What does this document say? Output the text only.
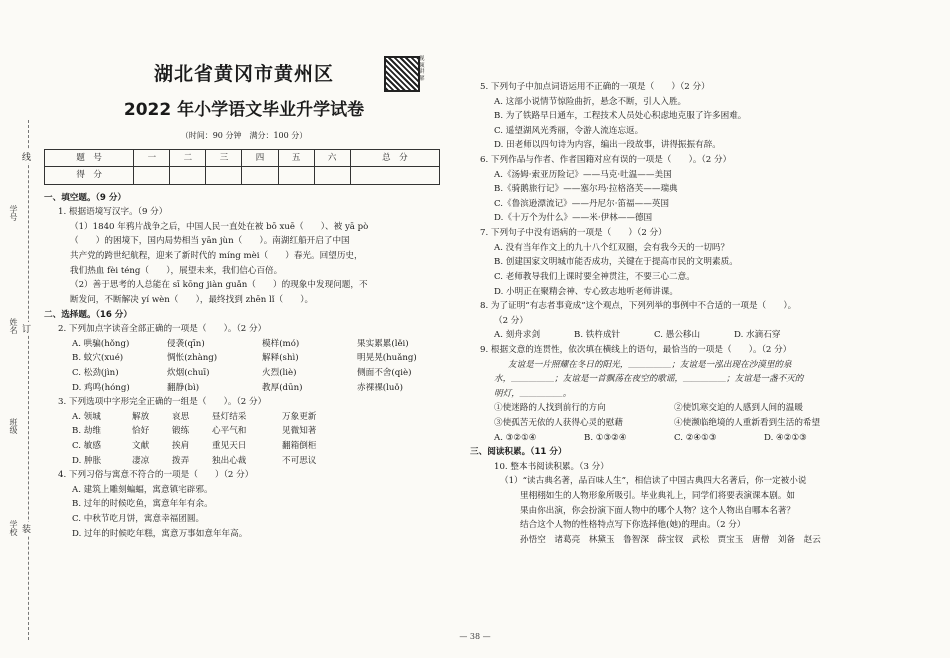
学号
姓名
班级
学校
线
订
装
视频讲解
湖北省黄冈市黄州区
2022 年小学语文毕业升学试卷
（时间：90 分钟　满分：100 分）
题　号	一	二	三	四	五	六	总　分
得　分							
一、填空题。（9 分）
1. 根据语境写汉字。（9 分）
（1）1840 年鸦片战争之后，中国人民一直处在被 bō xuē（　　）、被 yā pò
（　　）的困境下，国内局势相当 yān jùn（　　）。南湖红船开启了中国
共产党的跨世纪航程，迎来了新时代的 míng mèi（　　）春光。回望历史，
我们热血 fèi téng（　　），展望未来，我们信心百倍。
（2）善于思考的人总能在 sī kōng jiàn guǎn（　　）的现象中发现问题，不
断发问，不断解决 yí wèn（　　），最终找到 zhēn lǐ（　　）。
二、选择题。（16 分）
2. 下列加点字读音全部正确的一项是（　　）。（2 分）
A. 哄骗(hǒng)	侵袭(qīn)	模样(mó)	果实累累(lěi)
B. 蚊穴(xué)	惆怅(zhàng)	解释(shì)	明晃晃(huǎng)
C. 松劲(jìn)	炊烟(chuī)	火烈(liè)	侧面不舍(qiè)
D. 鸡鸣(hóng)	翻静(bì)	教厚(dūn)	赤裸裸(luǒ)
3. 下列选项中字形完全正确的一组是（　　）。（2 分）
A. 领城	解放	哀思	昼灯结采	万象更新
B. 劫维	恰好	锻练	心平气和	见微知著
C. 敏感	文献	挨肩	重见天日	翻箱倒柜
D. 肿胀	凄凉	拨弄	独出心裁	不可思议
4. 下列习俗与寓意不符合的一项是（　　）（2 分）
A. 建筑上雕刻蝙蝠，寓意镇宅辟邪。
B. 过年的时候吃鱼，寓意年年有余。
C. 中秋节吃月饼，寓意幸福团圆。
D. 过年的时候吃年糕，寓意万事如意年年高。
5. 下列句子中加点词语运用不正确的一项是（　　）（2 分）
A. 这部小说情节惊险曲折，悬念不断，引人入胜。
B. 为了铁路早日通车，工程技术人员处心积虑地克服了许多困难。
C. 遥望湖风光秀丽，令游人流连忘返。
D. 田老师以四句诗为内容，编出一段故事，讲得振振有辞。
6. 下列作品与作者、作者国籍对应有误的一项是（　　）。（2 分）
A.《汤姆·索亚历险记》——马克·吐温——美国
B.《骑鹅旅行记》——塞尔玛·拉格洛芙——瑞典
C.《鲁滨逊漂流记》——丹尼尔·笛福——英国
D.《十万个为什么》——米·伊林——德国
7. 下列句子中没有语病的一项是（　　）（2 分）
A. 没有当年作文上的九十八个红双圈，会有我今天的一切吗？
B. 创建国家文明城市能否成功，关键在于提高市民的文明素质。
C. 老师教导我们上课时要全神贯注，不要三心二意。
D. 小明正在聚精会神、专心致志地听老师讲课。
8. 为了证明“有志者事竟成”这个观点，下列列举的事例中不合适的一项是（　　）。
（2 分）
A. 刻舟求剑	B. 铁杵成针	C. 愚公移山	D. 水滴石穿
9. 根据文意的连贯性，依次填在横线上的语句，最恰当的一项是（　　）。（2 分）
友谊是一片照耀在冬日的阳光，＿＿＿＿＿；友谊是一泓出现在沙漠里的泉
水，＿＿＿＿＿；友谊是一首飘荡在夜空的歌谣，＿＿＿＿＿；友谊是一盏不灭的
明灯，＿＿＿＿＿。
①使迷路的人找到前行的方向	②使饥寒交迫的人感到人间的温暖
③使孤苦无依的人获得心灵的慰藉	④使濒临绝境的人重新看到生活的希望
A. ③②①④	B. ①③②④	C. ②④①③	D. ④②①③
三、阅读积累。（11 分）
10. 整本书阅读积累。（3 分）
（1）“读古典名著，品百味人生”，相信读了中国古典四大名著后，你一定被小说
里栩栩如生的人物形象所吸引。毕业典礼上，同学们将要表演课本剧。如
果由你出演，你会扮演下面人物中的哪个人物？这个人物出自哪本名著？
结合这个人物的性格特点写下你选择他(她)的理由。（2 分）
孙悟空　诸葛亮　林黛玉　鲁智深　薛宝钗　武松　贾宝玉　唐僧　刘备　赵云
— 38 —
